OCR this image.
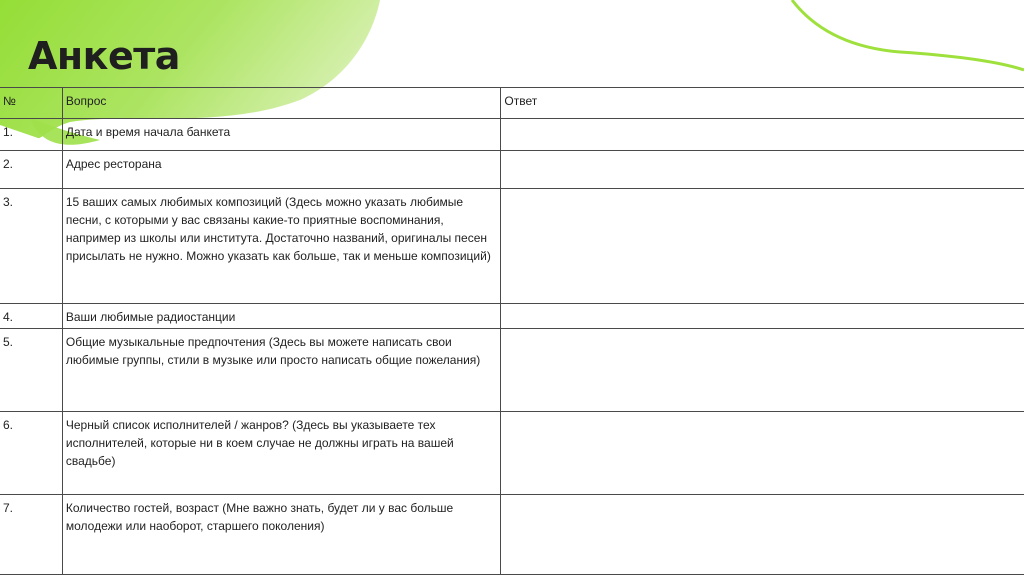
Анкета
№	Вопрос	Ответ
1.	Дата и время начала банкета	
2.	Адрес ресторана	
3.	15 ваших самых любимых композиций (Здесь можно указать любимые песни, с которыми у вас связаны какие-то приятные воспоминания, например из школы или института. Достаточно названий, оригиналы песен присылать не нужно. Можно указать как больше, так и меньше композиций)	
4.	Ваши любимые радиостанции	
5.	Общие музыкальные предпочтения (Здесь вы можете написать свои любимые группы, стили в музыке или просто написать общие пожелания)	
6.	Черный список исполнителей / жанров? (Здесь вы указываете тех исполнителей, которые ни в коем случае не должны играть на вашей свадьбе)	
7.	Количество гостей, возраст (Мне важно знать, будет ли у вас больше молодежи или наоборот, старшего поколения)	
